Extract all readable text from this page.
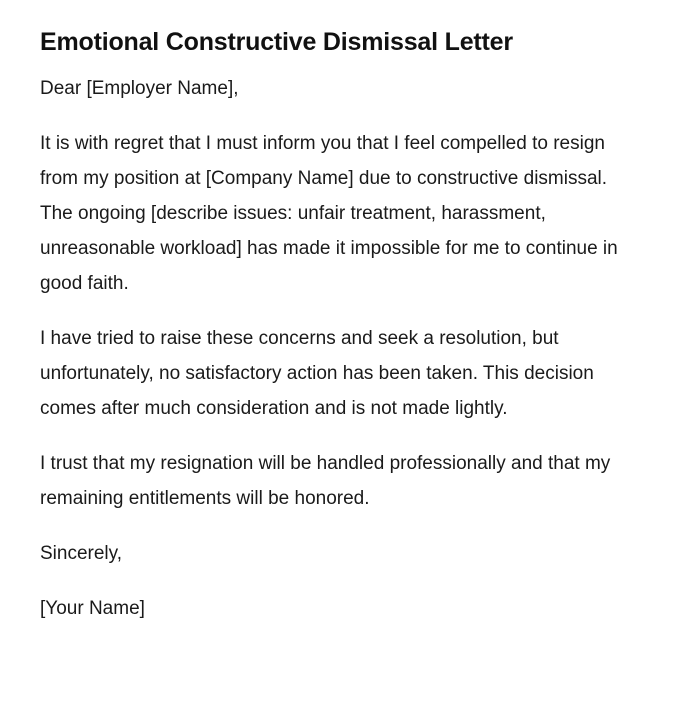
Emotional Constructive Dismissal Letter

Dear [Employer Name],

It is with regret that I must inform you that I feel compelled to resign from my position at [Company Name] due to constructive dismissal. The ongoing [describe issues: unfair treatment, harassment, unreasonable workload] has made it impossible for me to continue in good faith.

I have tried to raise these concerns and seek a resolution, but unfortunately, no satisfactory action has been taken. This decision comes after much consideration and is not made lightly.

I trust that my resignation will be handled professionally and that my remaining entitlements will be honored.

Sincerely,

[Your Name]
